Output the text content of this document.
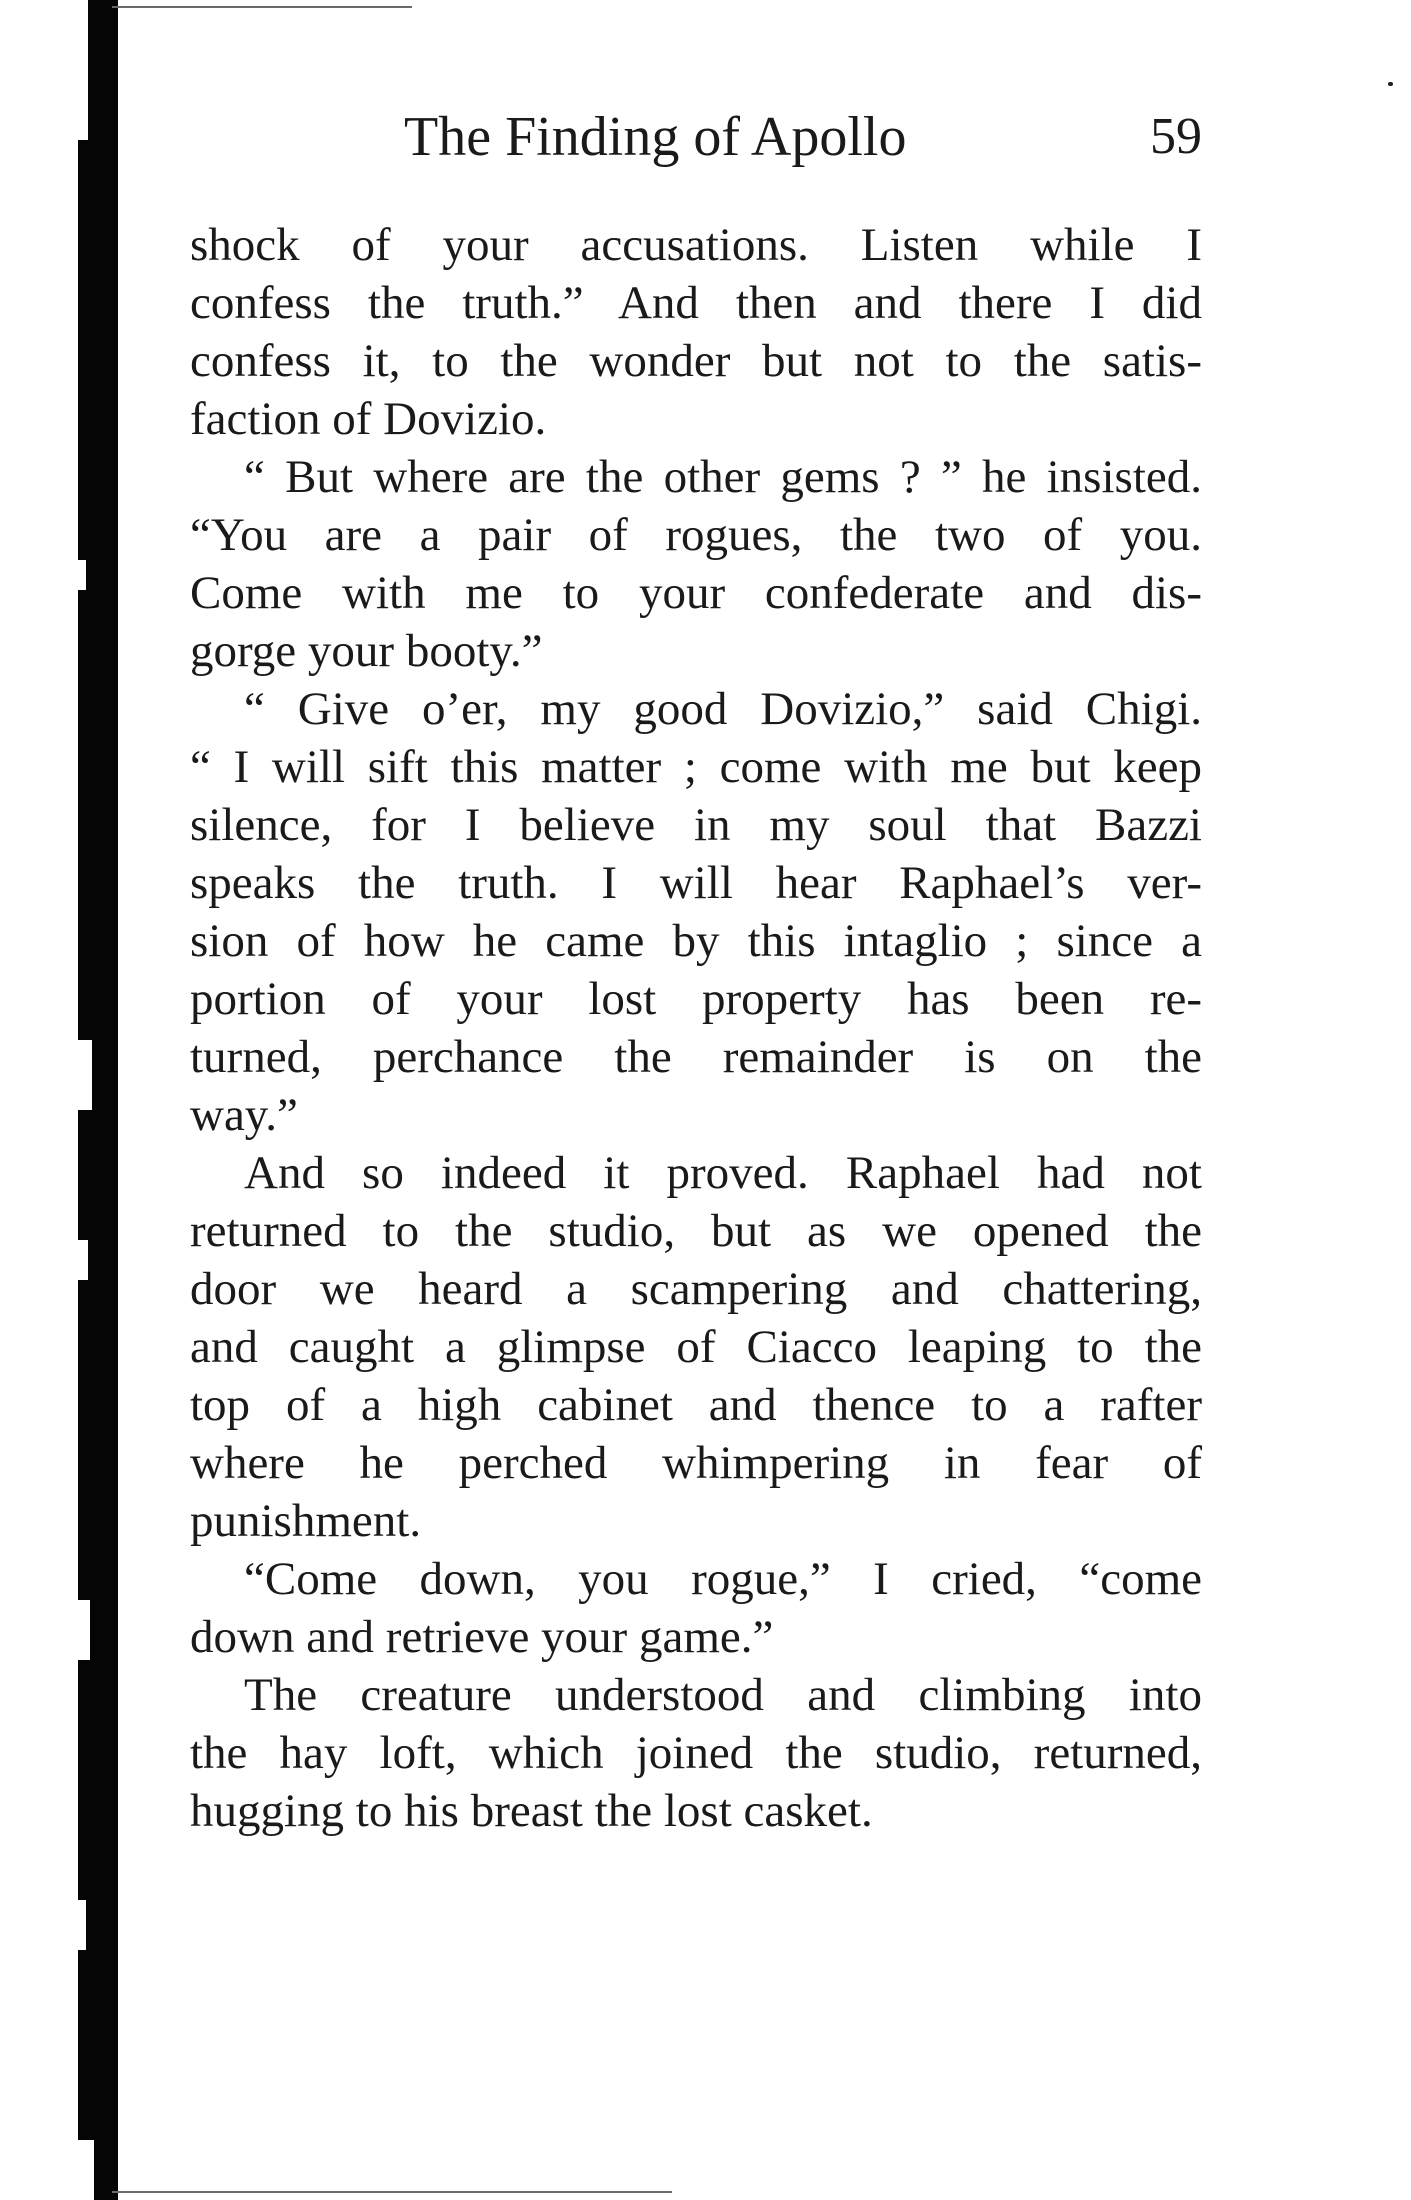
The Finding of Apollo	59
shock of your accusations. Listen while I
confess the truth.” And then and there I did
confess it, to the wonder but not to the satis-
faction of Dovizio.
“ But where are the other gems ? ” he insisted.
“You are a pair of rogues, the two of you.
Come with me to your confederate and dis-
gorge your booty.”
“ Give o’er, my good Dovizio,” said Chigi.
“ I will sift this matter ; come with me but keep
silence, for I believe in my soul that Bazzi
speaks the truth. I will hear Raphael’s ver-
sion of how he came by this intaglio ; since a
portion of your lost property has been re-
turned, perchance the remainder is on the
way.”
And so indeed it proved. Raphael had not
returned to the studio, but as we opened the
door we heard a scampering and chattering,
and caught a glimpse of Ciacco leaping to the
top of a high cabinet and thence to a rafter
where he perched whimpering in fear of
punishment.
“Come down, you rogue,” I cried, “come
down and retrieve your game.”
The creature understood and climbing into
the hay loft, which joined the studio, returned,
hugging to his breast the lost casket.
